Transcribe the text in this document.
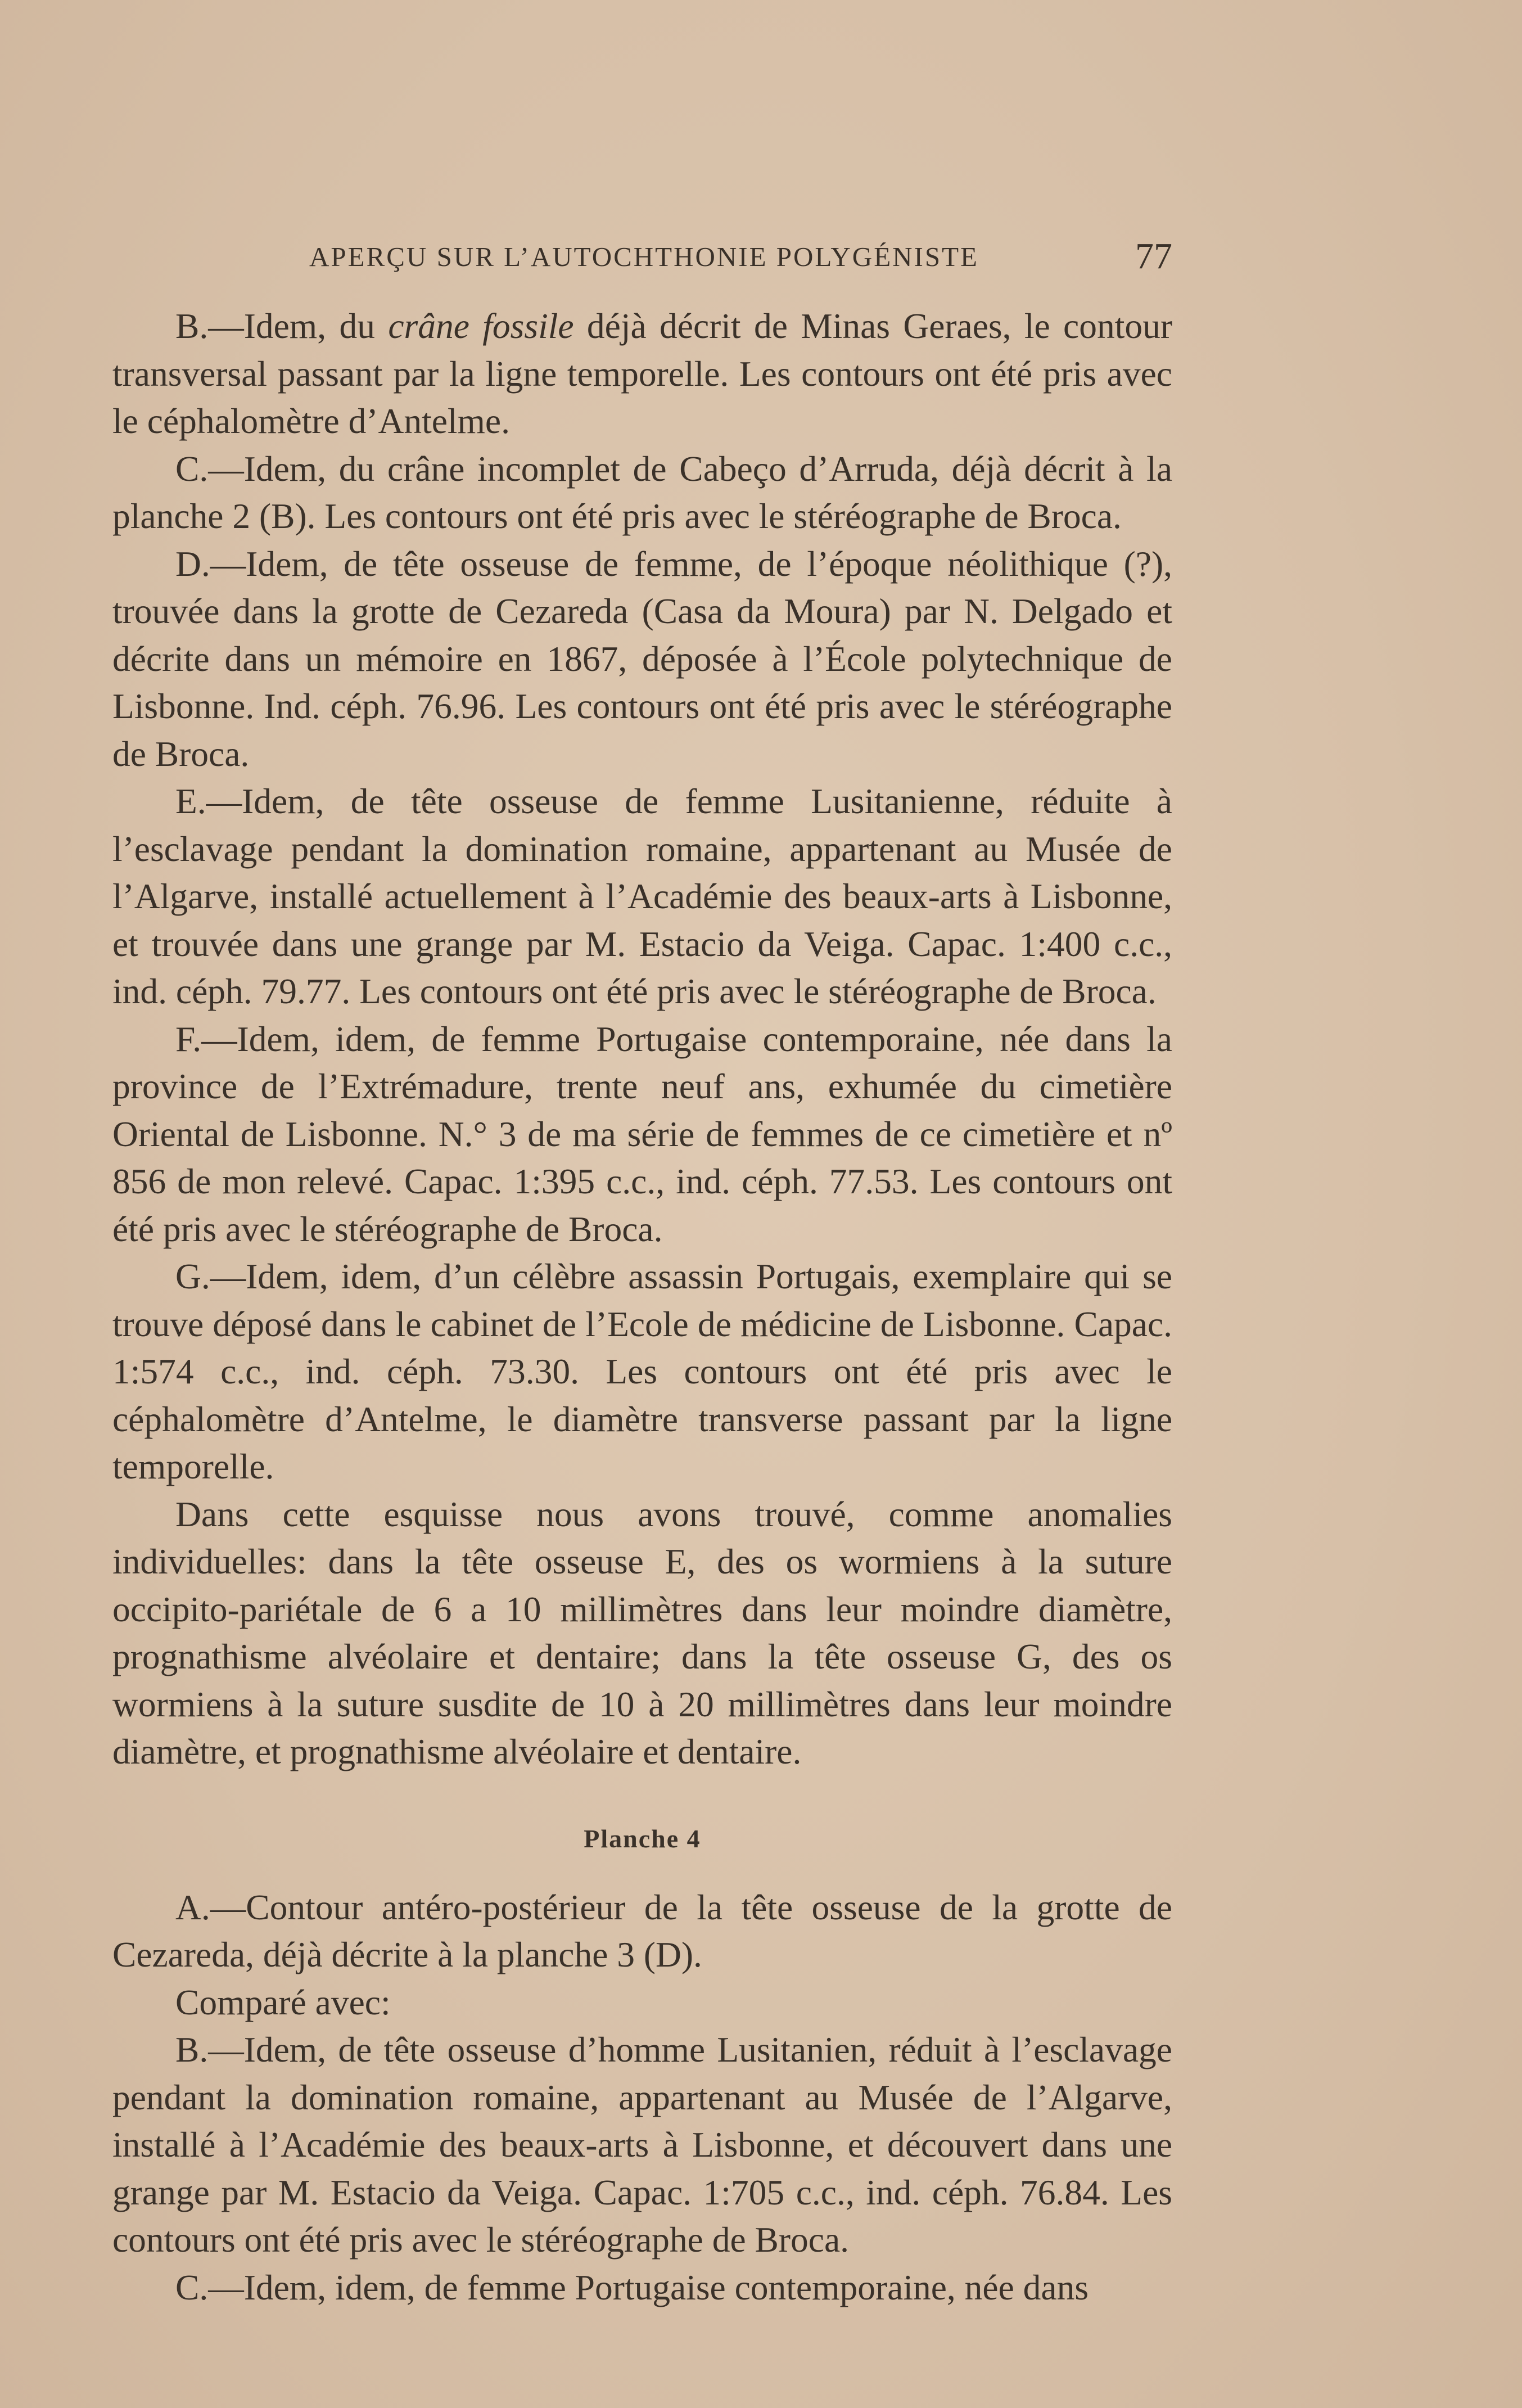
APERÇU SUR L’AUTOCHTHONIE POLYGÉNISTE	77

B.—Idem, du crâne fossile déjà décrit de Minas Geraes, le contour transversal passant par la ligne temporelle. Les contours ont été pris avec le céphalomètre d’Antelme.

C.—Idem, du crâne incomplet de Cabeço d’Arruda, déjà décrit à la planche 2 (B). Les contours ont été pris avec le stéréographe de Broca.

D.—Idem, de tête osseuse de femme, de l’époque néolithique (?), trouvée dans la grotte de Cezareda (Casa da Moura) par N. Delgado et décrite dans un mémoire en 1867, déposée à l’École polytechnique de Lisbonne. Ind. céph. 76.96. Les contours ont été pris avec le stéréographe de Broca.

E.—Idem, de tête osseuse de femme Lusitanienne, réduite à l’esclavage pendant la domination romaine, appartenant au Musée de l’Algarve, installé actuellement à l’Académie des beaux-arts à Lisbonne, et trouvée dans une grange par M. Estacio da Veiga. Capac. 1:400 c.c., ind. céph. 79.77. Les contours ont été pris avec le stéréographe de Broca.

F.—Idem, idem, de femme Portugaise contemporaine, née dans la province de l’Extrémadure, trente neuf ans, exhumée du cimetière Oriental de Lisbonne. N.° 3 de ma série de femmes de ce cimetière et nº 856 de mon relevé. Capac. 1:395 c.c., ind. céph. 77.53. Les contours ont été pris avec le stéréographe de Broca.

G.—Idem, idem, d’un célèbre assassin Portugais, exemplaire qui se trouve déposé dans le cabinet de l’Ecole de médicine de Lisbonne. Capac. 1:574 c.c., ind. céph. 73.30. Les contours ont été pris avec le céphalomètre d’Antelme, le diamètre transverse passant par la ligne temporelle.

Dans cette esquisse nous avons trouvé, comme anomalies individuelles: dans la tête osseuse E, des os wormiens à la suture occipito-pariétale de 6 a 10 millimètres dans leur moindre diamètre, prognathisme alvéolaire et dentaire; dans la tête osseuse G, des os wormiens à la suture susdite de 10 à 20 millimètres dans leur moindre diamètre, et prognathisme alvéolaire et dentaire.

Planche 4

A.—Contour antéro-postérieur de la tête osseuse de la grotte de Cezareda, déjà décrite à la planche 3 (D).

Comparé avec:

B.—Idem, de tête osseuse d’homme Lusitanien, réduit à l’esclavage pendant la domination romaine, appartenant au Musée de l’Algarve, installé à l’Académie des beaux-arts à Lisbonne, et découvert dans une grange par M. Estacio da Veiga. Capac. 1:705 c.c., ind. céph. 76.84. Les contours ont été pris avec le stéréographe de Broca.

C.—Idem, idem, de femme Portugaise contemporaine, née dans
